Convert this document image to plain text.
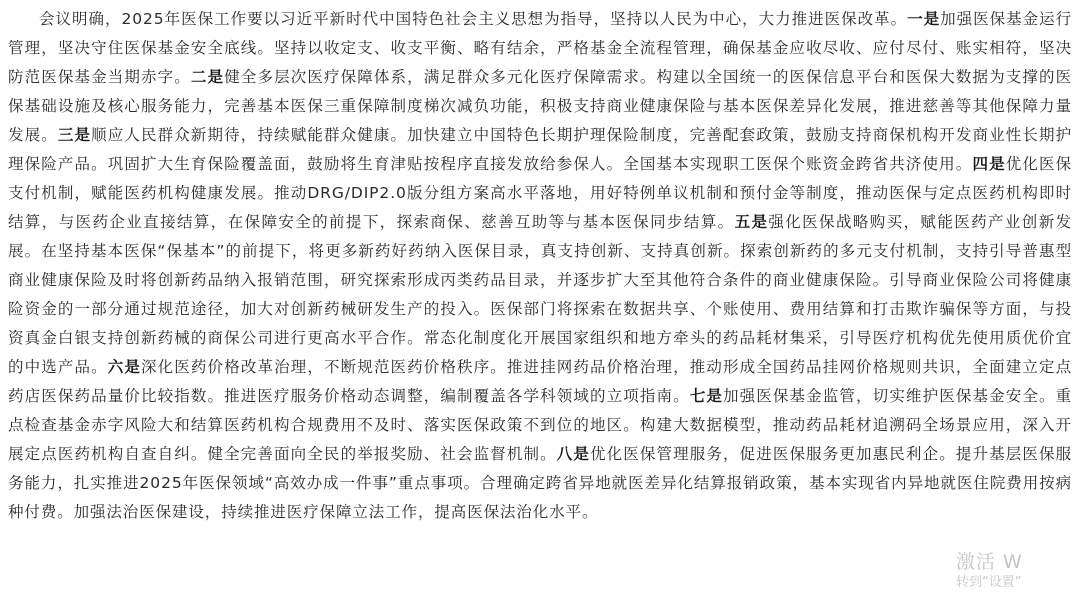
会议明确，2025年医保工作要以习近平新时代中国特色社会主义思想为指导，坚持以人民为中心，大力推进医保改革。一是加强医保基金运行管理，坚决守住医保基金安全底线。坚持以收定支、收支平衡、略有结余，严格基金全流程管理，确保基金应收尽收、应付尽付、账实相符，坚决防范医保基金当期赤字。二是健全多层次医疗保障体系，满足群众多元化医疗保障需求。构建以全国统一的医保信息平台和医保大数据为支撑的医保基础设施及核心服务能力，完善基本医保三重保障制度梯次减负功能，积极支持商业健康保险与基本医保差异化发展，推进慈善等其他保障力量发展。三是顺应人民群众新期待，持续赋能群众健康。加快建立中国特色长期护理保险制度，完善配套政策，鼓励支持商保机构开发商业性长期护理保险产品。巩固扩大生育保险覆盖面，鼓励将生育津贴按程序直接发放给参保人。全国基本实现职工医保个账资金跨省共济使用。四是优化医保支付机制，赋能医药机构健康发展。推动DRG/DIP2.0版分组方案高水平落地，用好特例单议机制和预付金等制度，推动医保与定点医药机构即时结算，与医药企业直接结算，在保障安全的前提下，探索商保、慈善互助等与基本医保同步结算。五是强化医保战略购买，赋能医药产业创新发展。在坚持基本医保“保基本”的前提下，将更多新药好药纳入医保目录，真支持创新、支持真创新。探索创新药的多元支付机制，支持引导普惠型商业健康保险及时将创新药品纳入报销范围，研究探索形成丙类药品目录，并逐步扩大至其他符合条件的商业健康保险。引导商业保险公司将健康险资金的一部分通过规范途径，加大对创新药械研发生产的投入。医保部门将探索在数据共享、个账使用、费用结算和打击欺诈骗保等方面，与投资真金白银支持创新药械的商保公司进行更高水平合作。常态化制度化开展国家组织和地方牵头的药品耗材集采，引导医疗机构优先使用质优价宜的中选产品。六是深化医药价格改革治理，不断规范医药价格秩序。推进挂网药品价格治理，推动形成全国药品挂网价格规则共识，全面建立定点药店医保药品量价比较指数。推进医疗服务价格动态调整，编制覆盖各学科领域的立项指南。七是加强医保基金监管，切实维护医保基金安全。重点检查基金赤字风险大和结算医药机构合规费用不及时、落实医保政策不到位的地区。构建大数据模型，推动药品耗材追溯码全场景应用，深入开展定点医药机构自查自纠。健全完善面向全民的举报奖励、社会监督机制。八是优化医保管理服务，促进医保服务更加惠民利企。提升基层医保服务能力，扎实推进2025年医保领域“高效办成一件事”重点事项。合理确定跨省异地就医差异化结算报销政策，基本实现省内异地就医住院费用按病种付费。加强法治医保建设，持续推进医疗保障立法工作，提高医保法治化水平。

激活 W
转到“设置”
